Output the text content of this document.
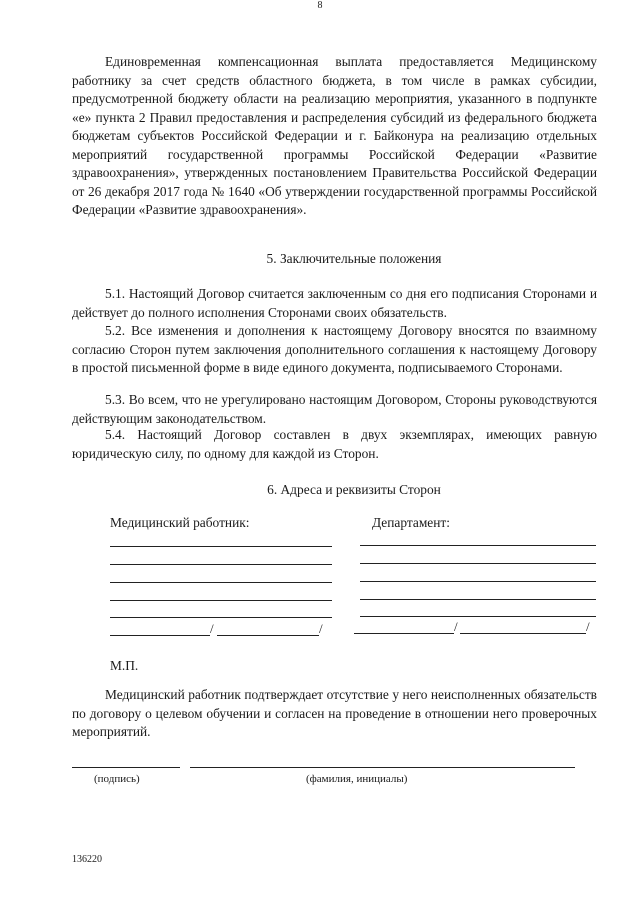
8

Единовременная компенсационная выплата предоставляется Медицинскому работнику за счет средств областного бюджета, в том числе в рамках субсидии, предусмотренной бюджету области на реализацию мероприятия, указанного в подпункте «е» пункта 2 Правил предоставления и распределения субсидий из федерального бюджета бюджетам субъектов Российской Федерации и г. Байконура на реализацию отдельных мероприятий государственной программы Российской Федерации «Развитие здравоохранения», утвержденных постановлением Правительства Российской Федерации от 26 декабря 2017 года № 1640 «Об утверждении государственной программы Российской Федерации «Развитие здравоохранения».

5. Заключительные положения

5.1. Настоящий Договор считается заключенным со дня его подписания Сторонами и действует до полного исполнения Сторонами своих обязательств.

5.2. Все изменения и дополнения к настоящему Договору вносятся по взаимному согласию Сторон путем заключения дополнительного соглашения к настоящему Договору в простой письменной форме в виде единого документа, подписываемого Сторонами.

5.3. Во всем, что не урегулировано настоящим Договором, Стороны руководствуются действующим законодательством.

5.4. Настоящий Договор составлен в двух экземплярах, имеющих равную юридическую силу, по одному для каждой из Сторон.

6. Адреса и реквизиты Сторон
Медицинский работник:	Департамент:
/	/	/	/
М.П.

Медицинский работник подтверждает отсутствие у него неисполненных обязательств по договору о целевом обучении и согласен на проведение в отношении него проверочных мероприятий.

(подпись)	(фамилия, инициалы)
136220
